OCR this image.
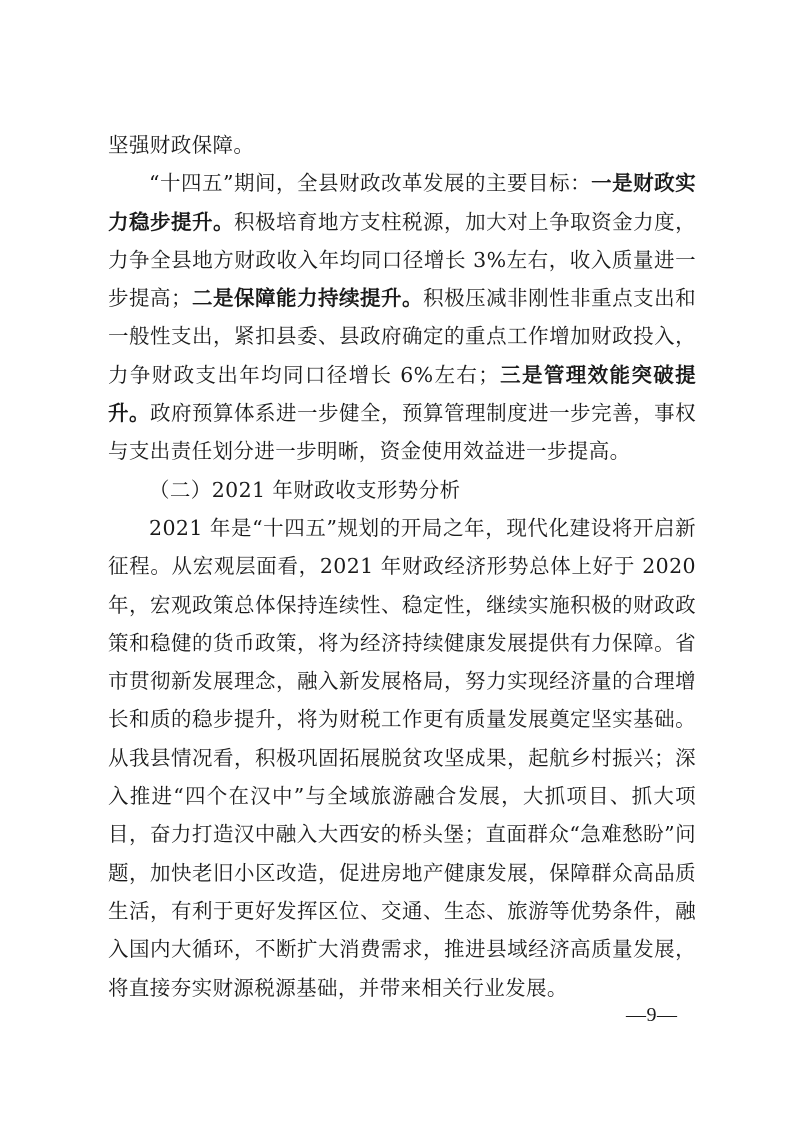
坚强财政保障。

“十四五”期间，全县财政改革发展的主要目标：一是财政实力稳步提升。积极培育地方支柱税源，加大对上争取资金力度，力争全县地方财政收入年均同口径增长 3%左右，收入质量进一步提高；二是保障能力持续提升。积极压减非刚性非重点支出和一般性支出，紧扣县委、县政府确定的重点工作增加财政投入，力争财政支出年均同口径增长 6%左右；三是管理效能突破提升。政府预算体系进一步健全，预算管理制度进一步完善，事权与支出责任划分进一步明晰，资金使用效益进一步提高。

（二）2021 年财政收支形势分析

2021 年是“十四五”规划的开局之年，现代化建设将开启新征程。从宏观层面看，2021 年财政经济形势总体上好于 2020 年，宏观政策总体保持连续性、稳定性，继续实施积极的财政政策和稳健的货币政策，将为经济持续健康发展提供有力保障。省市贯彻新发展理念，融入新发展格局，努力实现经济量的合理增长和质的稳步提升，将为财税工作更有质量发展奠定坚实基础。从我县情况看，积极巩固拓展脱贫攻坚成果，起航乡村振兴；深入推进“四个在汉中”与全域旅游融合发展，大抓项目、抓大项目，奋力打造汉中融入大西安的桥头堡；直面群众“急难愁盼”问题，加快老旧小区改造，促进房地产健康发展，保障群众高品质生活，有利于更好发挥区位、交通、生态、旅游等优势条件，融入国内大循环，不断扩大消费需求，推进县域经济高质量发展，将直接夯实财源税源基础，并带来相关行业发展。

—9—
